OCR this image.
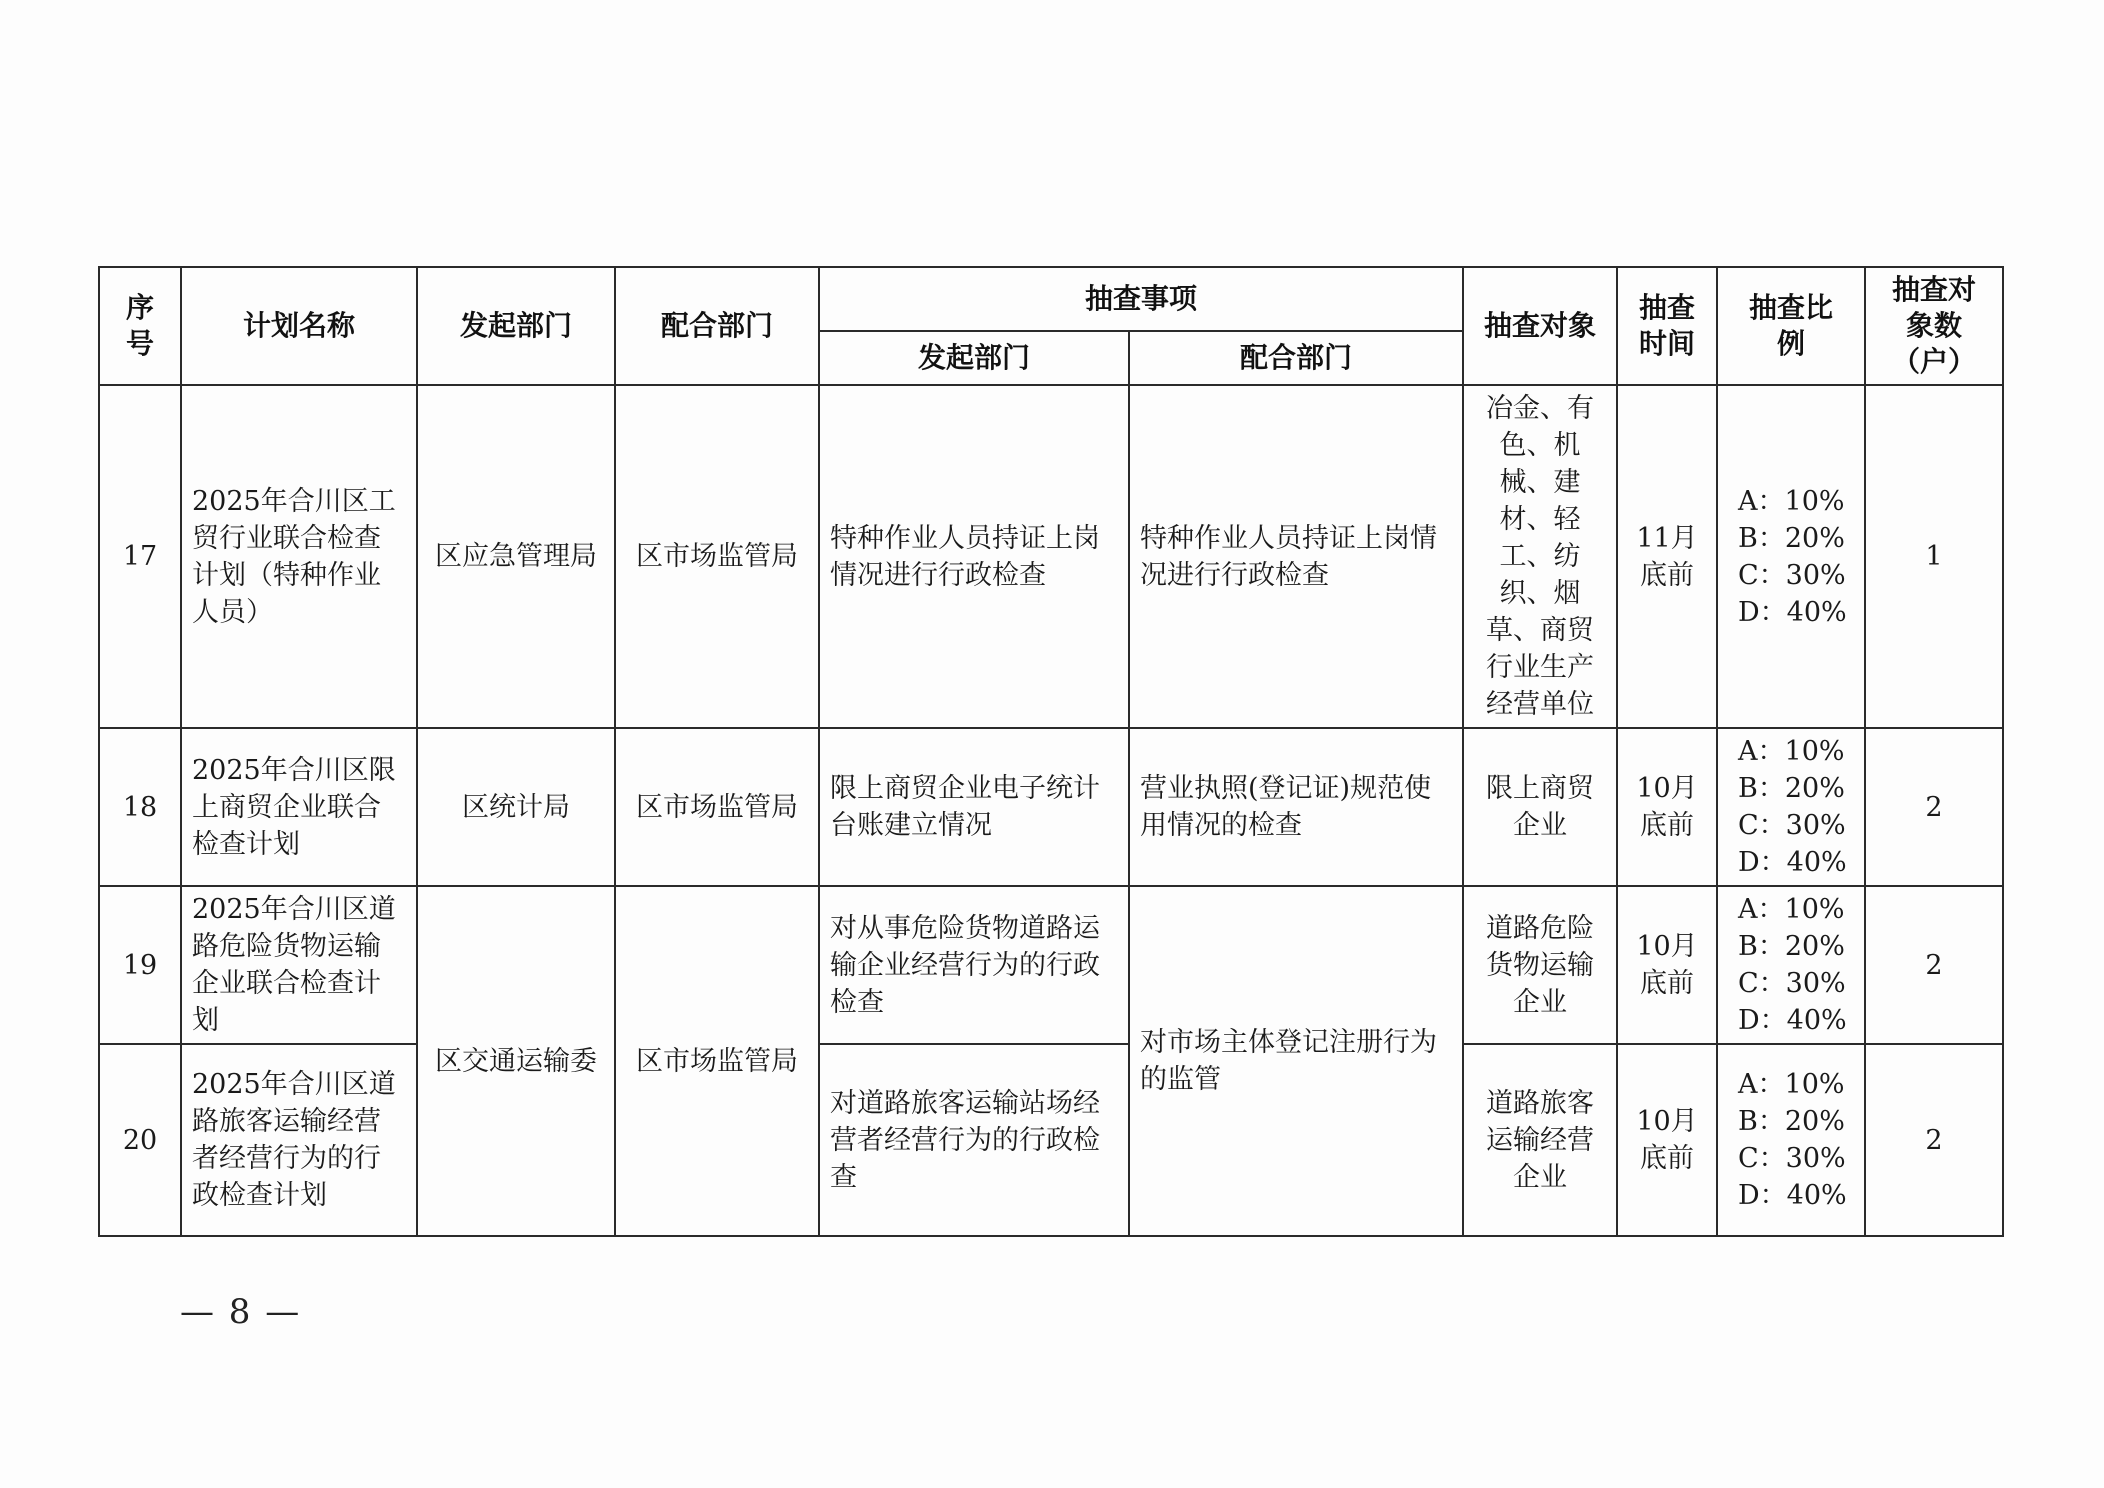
序号	计划名称	发起部门	配合部门	抽查事项		抽查对象	抽查时间	抽查比例	抽查对象数（户）
				发起部门	配合部门				
17	2025年合川区工贸行业联合检查计划（特种作业人员）	区应急管理局	区市场监管局	特种作业人员持证上岗情况进行行政检查	特种作业人员持证上岗情况进行行政检查	冶金、有色、机械、建材、轻工、纺织、烟草、商贸行业生产经营单位	11月底前	A：10%
B：20%
C：30%
D：40%	1
18	2025年合川区限上商贸企业联合检查计划	区统计局	区市场监管局	限上商贸企业电子统计台账建立情况	营业执照(登记证)规范使用情况的检查	限上商贸企业	10月底前	A：10%
B：20%
C：30%
D：40%	2
19	2025年合川区道路危险货物运输企业联合检查计划	区交通运输委	区市场监管局	对从事危险货物道路运输企业经营行为的行政检查	对市场主体登记注册行为的监管	道路危险货物运输企业	10月底前	A：10%
B：20%
C：30%
D：40%	2
20	2025年合川区道路旅客运输经营者经营行为的行政检查计划			对道路旅客运输站场经营者经营行为的行政检查		道路旅客运输经营企业	10月底前	A：10%
B：20%
C：30%
D：40%	2
— 8 —
